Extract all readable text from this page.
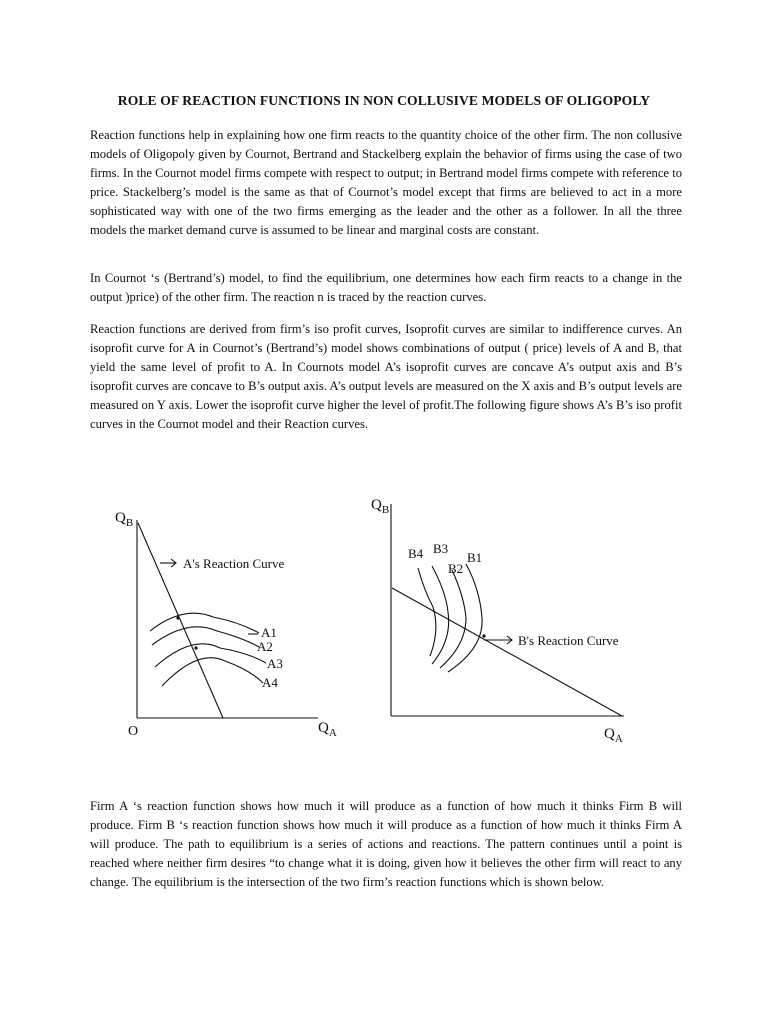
ROLE OF REACTION FUNCTIONS IN NON COLLUSIVE MODELS OF OLIGOPOLY

Reaction functions help in explaining how one firm reacts to the quantity choice of the other firm. The non collusive models of Oligopoly given by Cournot, Bertrand and Stackelberg explain the behavior of firms using the case of two firms. In the Cournot model firms compete with respect to output; in Bertrand model firms compete with reference to price. Stackelberg’s model is the same as that of Cournot’s model except that firms are believed to act in a more sophisticated way with one of the two firms emerging as the leader and the other as a follower. In all the three models the market demand curve is assumed to be linear and marginal costs are constant.

In Cournot ‘s (Bertrand’s) model, to find the equilibrium, one determines how each firm reacts to a change in the output )price) of the other firm. The reaction n is traced by the reaction curves.

Reaction functions are derived from firm’s iso profit curves, Isoprofit curves are similar to indifference curves. An isoprofit curve for A in Cournot’s (Bertrand’s) model shows combinations of output ( price) levels of A and B, that yield the same level of profit to A. In Cournots model A’s isoprofit curves are concave A’s output axis and B’s isoprofit curves are concave to B’s output axis. A’s output levels are measured on the X axis and B’s output levels are measured on Y axis. Lower the isoprofit curve higher the level of profit.The following figure shows A’s B’s iso profit curves in the Cournot model and their Reaction curves.

$Q_B$
O	$Q_A$
A's Reaction Curve
A1
A2
A3
A4
$Q_B$
$Q_A$
B's Reaction Curve
B4 B3
B2
B1

Firm A ‘s reaction function shows how much it will produce as a function of how much it thinks Firm B will produce. Firm B ‘s reaction function shows how much it will produce as a function of how much it thinks Firm A will produce. The path to equilibrium is a series of actions and reactions. The pattern continues until a point is reached where neither firm desires “to change what it is doing, given how it believes the other firm will react to any change. The equilibrium is the intersection of the two firm’s reaction functions which is shown below.
